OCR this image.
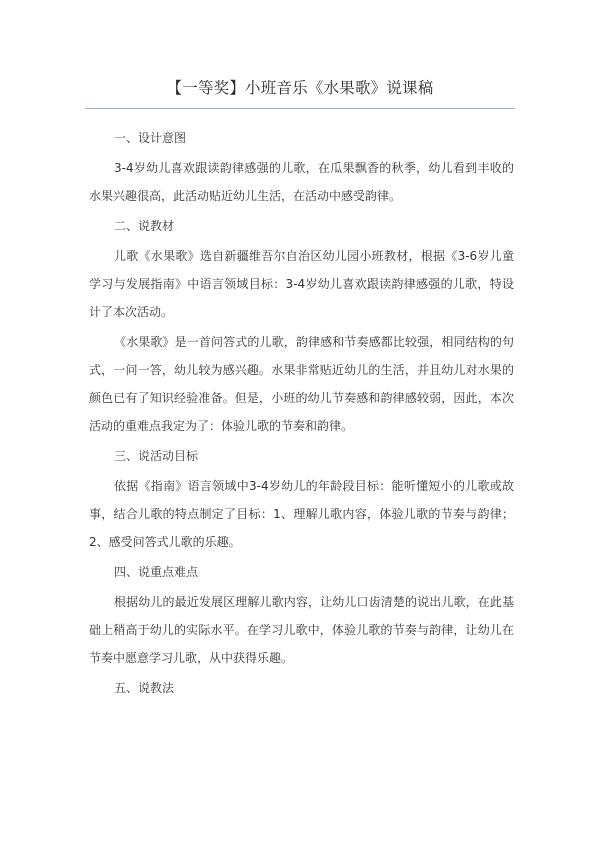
【一等奖】小班音乐《水果歌》说课稿

一、设计意图

3-4岁幼儿喜欢跟读韵律感强的儿歌，在瓜果飘香的秋季，幼儿看到丰收的水果兴趣很高，此活动贴近幼儿生活，在活动中感受韵律。

二、说教材

儿歌《水果歌》选自新疆维吾尔自治区幼儿园小班教材，根据《3-6岁儿童学习与发展指南》中语言领域目标：3-4岁幼儿喜欢跟读韵律感强的儿歌，特设计了本次活动。

《水果歌》是一首问答式的儿歌，韵律感和节奏感都比较强，相同结构的句式，一问一答，幼儿较为感兴趣。水果非常贴近幼儿的生活，并且幼儿对水果的颜色已有了知识经验准备。但是，小班的幼儿节奏感和韵律感较弱，因此，本次活动的重难点我定为了：体验儿歌的节奏和韵律。

三、说活动目标

依据《指南》语言领域中3-4岁幼儿的年龄段目标：能听懂短小的儿歌或故事，结合儿歌的特点制定了目标：1、理解儿歌内容，体验儿歌的节奏与韵律；2、感受问答式儿歌的乐趣。

四、说重点难点

根据幼儿的最近发展区理解儿歌内容，让幼儿口齿清楚的说出儿歌，在此基础上稍高于幼儿的实际水平。在学习儿歌中，体验儿歌的节奏与韵律，让幼儿在节奏中愿意学习儿歌，从中获得乐趣。

五、说教法
